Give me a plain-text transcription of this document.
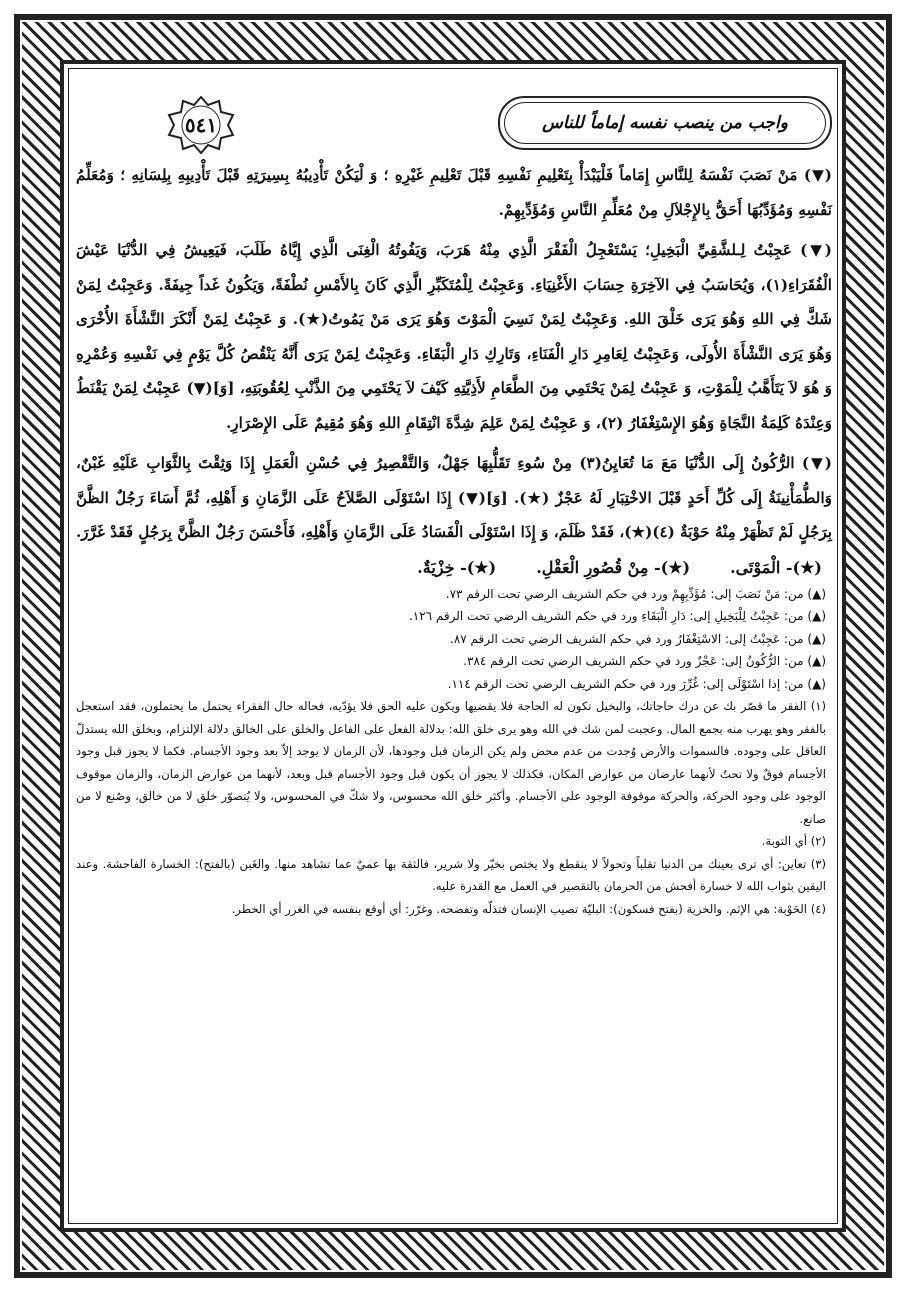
واجب من ينصب نفسه إماماً للناس
٥٤١

(▼) مَنْ نَصَبَ نَفْسَهُ لِلنَّاسِ إِمَاماً فَلْيَبْدَأْ بِتَعْلِيمِ نَفْسِهِ قَبْلَ تَعْلِيمِ غَيْرِهِ ؛ وَ لْيَكُنْ تَأْدِيبُهُ بِسِيرَتِهِ قَبْلَ تَأْدِيبِهِ بِلِسَانِهِ ؛ وَمُعَلِّمُ نَفْسِهِ وَمُؤَدِّبُهَا أَحَقُّ بِالإِجْلاَلِ مِنْ مُعَلِّمِ النَّاسِ وَمُؤَدِّبِهِمْ.

(▼) عَجِبْتُ لِـلشَّقِيِّ الْبَخِيلِ؛ يَسْتَعْجِلُ الْفَقْرَ الَّذِي مِنْهُ هَرَبَ، وَيَفُوتُهُ الْغِنَى الَّذِي إِيَّاهُ طَلَبَ، فَيَعِيشُ فِي الدُّنْيَا عَيْشَ الْفُقَرَاءِ(١)، وَيُحَاسَبُ فِي الآخِرَةِ حِسَابَ الأَغْنِيَاءِ. وَعَجِبْتُ لِلْمُتَكَبِّرِ الَّذِي كَانَ بِالأَمْسِ نُطْفَةً، وَيَكُونُ غَداً جِيفَةً. وَعَجِبْتُ لِمَنْ شَكَّ فِي اللهِ وَهُوَ يَرَى خَلْقَ اللهِ. وَعَجِبْتُ لِمَنْ نَسِيَ الْمَوْتَ وَهُوَ يَرَى مَنْ يَمُوتُ(★). وَ عَجِبْتُ لِمَنْ أَنْكَرَ النَّشْأَةَ الأُخْرَى وَهُوَ يَرَى النَّشْأَةَ الأُولَى، وَعَجِبْتُ لِعَامِرِ دَارِ الْفَنَاءِ، وَتَارِكِ دَارِ الْبَقَاءِ. وَعَجِبْتُ لِمَنْ يَرَى أَنَّهُ يَنْقُصُ كُلَّ يَوْمٍ فِي نَفْسِهِ وَعُمْرِهِ وَ هُوَ لاَ يَتَأَهَّبُ لِلْمَوْتِ، وَ عَجِبْتُ لِمَنْ يَحْتَمِي مِنَ الطَّعَامِ لأَذِيَّتِهِ كَيْفَ لاَ يَحْتَمِي مِنَ الذَّنْبِ لِعُقُوبَتِهِ، [وَ](▼) عَجِبْتُ لِمَنْ يَقْنَطُ وَعِنْدَهُ كَلِمَةُ النَّجَاةِ وَهُوَ الإِسْتِغْفَارُ (٢)، وَ عَجِبْتُ لِمَنْ عَلِمَ شِدَّةَ انْتِقَامِ اللهِ وَهُوَ مُقِيمٌ عَلَى الإِصْرَارِ.

(▼) الرُّكُونُ إِلَى الدُّنْيَا مَعَ مَا تُعَايِنُ(٣) مِنْ سُوءِ تَقَلُّبِهَا جَهْلٌ، وَالتَّقْصِيرُ فِي حُسْنِ الْعَمَلِ إِذَا وَثِقْتَ بِالثَّوَابِ عَلَيْهِ غَبْنٌ، وَالطُّمَأْنِينَةُ إِلَى كُلِّ أَحَدٍ قَبْلَ الاخْتِبَارِ لَهُ عَجْزٌ (★). [وَ](▼) إِذَا اسْتَوْلَى الصَّلاَحُ عَلَى الزَّمَانِ وَ أَهْلِهِ، ثُمَّ أَسَاءَ رَجُلٌ الظَّنَّ بِرَجُلٍ لَمْ تَظْهَرْ مِنْهُ حَوْبَةٌ (٤)(★)، فَقَدْ ظَلَمَ، وَ إِذَا اسْتَوْلَى الْفَسَادُ عَلَى الزَّمَانِ وَأَهْلِهِ، فَأَحْسَنَ رَجُلٌ الظَّنَّ بِرَجُلٍ فَقَدْ غَرَّرَ.

(★)- الْمَوْتَى.
(★)- مِنْ قُصُورِ الْعَقْلِ.
(★)- خِزْيَةٌ.
(▲) من: مَنْ نَصَبَ إلى: مُؤَدِّبِهِمْ ورد في حكم الشريف الرضي تحت الرقم ٧٣.
(▲) من: عَجِبْتُ لِلْبَخِيلِ إلى: دَارِ الْبَقَاءِ ورد في حكم الشريف الرضي تحت الرقم ١٢٦.
(▲) من: عَجِبْتُ إلى: الاسْتِغْفَارُ ورد في حكم الشريف الرضي تحت الرقم ٨٧.
(▲) من: الرُّكُونُ إلى: عَجْزٌ ورد في حكم الشريف الرضي تحت الرقم ٣٨٤.
(▲) من: إذا اسْتَوْلَى إلى: غُرِّرَ ورد في حكم الشريف الرضي تحت الرقم ١١٤.
(١) الفقر ما قصّر بك عن درك حاجاتك، والبخيل تكون له الحاجة فلا يقضيها ويكون عليه الحق فلا يؤدّيه، فحاله حال الفقراء يحتمل ما يحتملون، فقد استعجل بالفقر وهو يهرب منه بجمع المال. وعجبت لمن شك في الله وهو يرى خلق الله: بدلالة الفعل على الفاعل والخلق على الخالق دلالة الإلتزام، وبخلق الله يستدلّ العاقل على وجوده. فالسموات والأرض وُجدت من عدم محض ولم يكن الزمان قبل وجودها، لأن الزمان لا يوجد إلاّ بعد وجود الأجسام. فكما لا يجوز قبل وجود الأجسام فوقٌ ولا تحتٌ لأنهما عارضان من عوارض المكان، فكذلك لا يجوز أن يكون قبل وجود الأجسام قبل وبعد، لأنهما من عوارض الزمان، والزمان موقوف الوجود على وجود الحركة، والحركة موقوفة الوجود على الأجسام. وأكثر خلق الله محسوس، ولا شكّ في المحسوس، ولا يُتصوّر خلق لا من خالق، وصُنع لا من صانع.
(٢) أي التوبة.
(٣) تعاين: أي ترى بعينك من الدنيا تقلباً وتحولاً لا ينقطع ولا يختص بخيّر ولا شرير، فالثقة بها عميٌ عما تشاهد منها. والغَبن (بالفتح): الخسارة الفاحشة. وعند اليقين بثواب الله لا خسارة أفحش من الحرمان بالتقصير في العمل مع القدرة عليه.
(٤) الحَوْبة: هي الإثم. والخزية (بفتح فسكون): البليّة تصيب الإنسان فتذلّه وتفضحه. وغرّر: أي أوقع بنفسه في الغرر أي الخطر.
